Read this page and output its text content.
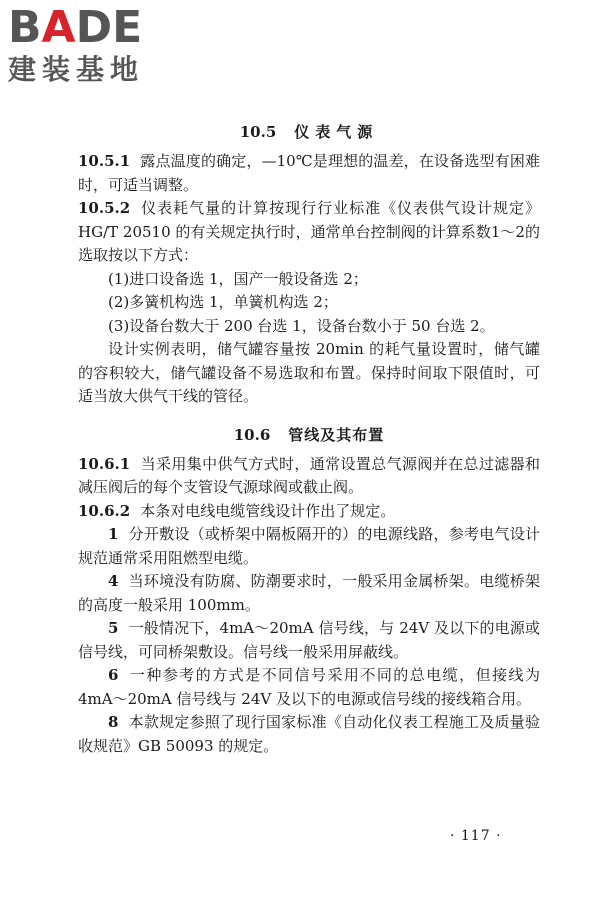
BADE
建装基地
10.5 仪表气源

10.5.1 露点温度的确定，—10℃是理想的温差，在设备选型有困难时，可适当调整。

10.5.2 仪表耗气量的计算按现行行业标准《仪表供气设计规定》HG/T 20510 的有关规定执行时，通常单台控制阀的计算系数1～2的选取按以下方式：

(1)进口设备选 1，国产一般设备选 2；

(2)多簧机构选 1，单簧机构选 2；

(3)设备台数大于 200 台选 1，设备台数小于 50 台选 2。

设计实例表明，储气罐容量按 20min 的耗气量设置时，储气罐的容积较大，储气罐设备不易选取和布置。保持时间取下限值时，可适当放大供气干线的管径。

10.6 管线及其布置

10.6.1 当采用集中供气方式时，通常设置总气源阀并在总过滤器和减压阀后的每个支管设气源球阀或截止阀。

10.6.2 本条对电线电缆管线设计作出了规定。

1 分开敷设（或桥架中隔板隔开的）的电源线路，参考电气设计规范通常采用阻燃型电缆。

4 当环境没有防腐、防潮要求时，一般采用金属桥架。电缆桥架的高度一般采用 100mm。

5 一般情况下，4mA～20mA 信号线，与 24V 及以下的电源或信号线，可同桥架敷设。信号线一般采用屏蔽线。

6 一种参考的方式是不同信号采用不同的总电缆，但接线为 4mA～20mA 信号线与 24V 及以下的电源或信号线的接线箱合用。

8 本款规定参照了现行国家标准《自动化仪表工程施工及质量验收规范》GB 50093 的规定。

· 117 ·
